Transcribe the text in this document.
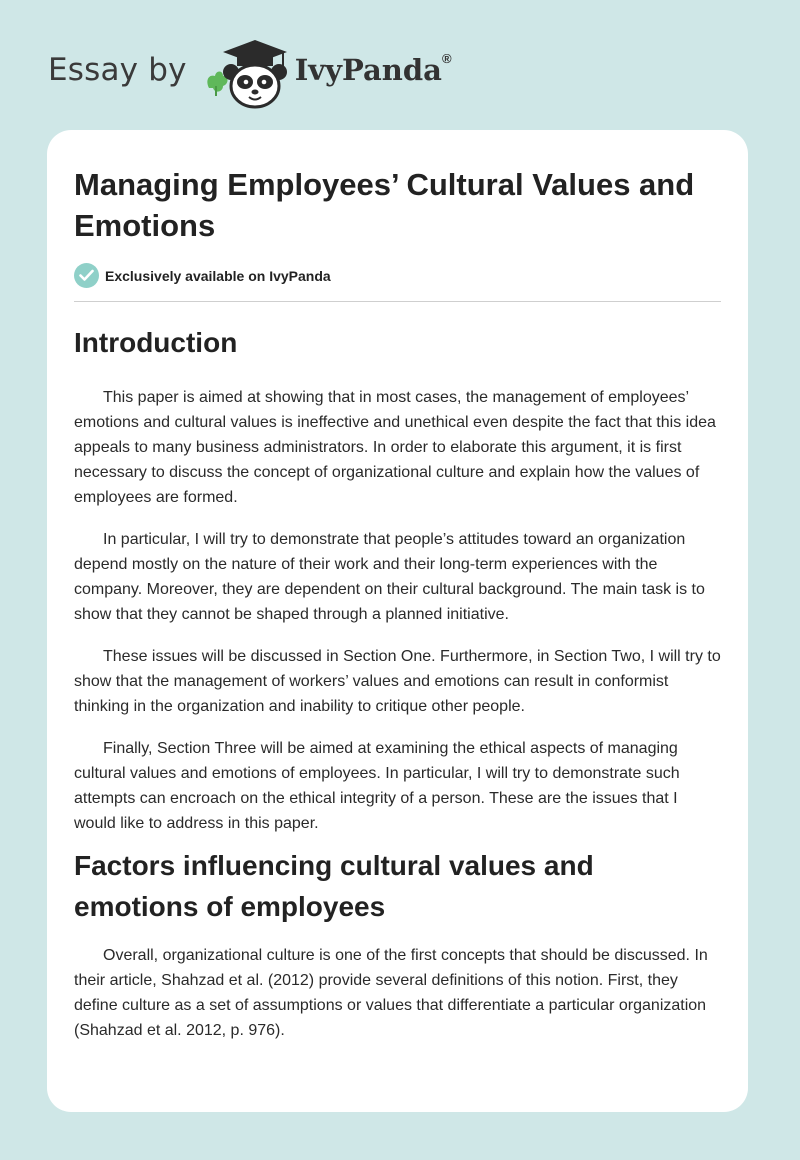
Essay by	IvyPanda®
Managing Employees’ Cultural Values and Emotions
Exclusively available on IvyPanda
Introduction

This paper is aimed at showing that in most cases, the management of employees’ emotions and cultural values is ineffective and unethical even despite the fact that this idea appeals to many business administrators. In order to elaborate this argument, it is first necessary to discuss the concept of organizational culture and explain how the values of employees are formed.

In particular, I will try to demonstrate that people’s attitudes toward an organization depend mostly on the nature of their work and their long-term experiences with the company. Moreover, they are dependent on their cultural background. The main task is to show that they cannot be shaped through a planned initiative.

These issues will be discussed in Section One. Furthermore, in Section Two, I will try to show that the management of workers’ values and emotions can result in conformist thinking in the organization and inability to critique other people.

Finally, Section Three will be aimed at examining the ethical aspects of managing cultural values and emotions of employees. In particular, I will try to demonstrate such attempts can encroach on the ethical integrity of a person. These are the issues that I would like to address in this paper.

Factors influencing cultural values and emotions of employees

Overall, organizational culture is one of the first concepts that should be discussed. In their article, Shahzad et al. (2012) provide several definitions of this notion. First, they define culture as a set of assumptions or values that differentiate a particular organization (Shahzad et al. 2012, p. 976).
